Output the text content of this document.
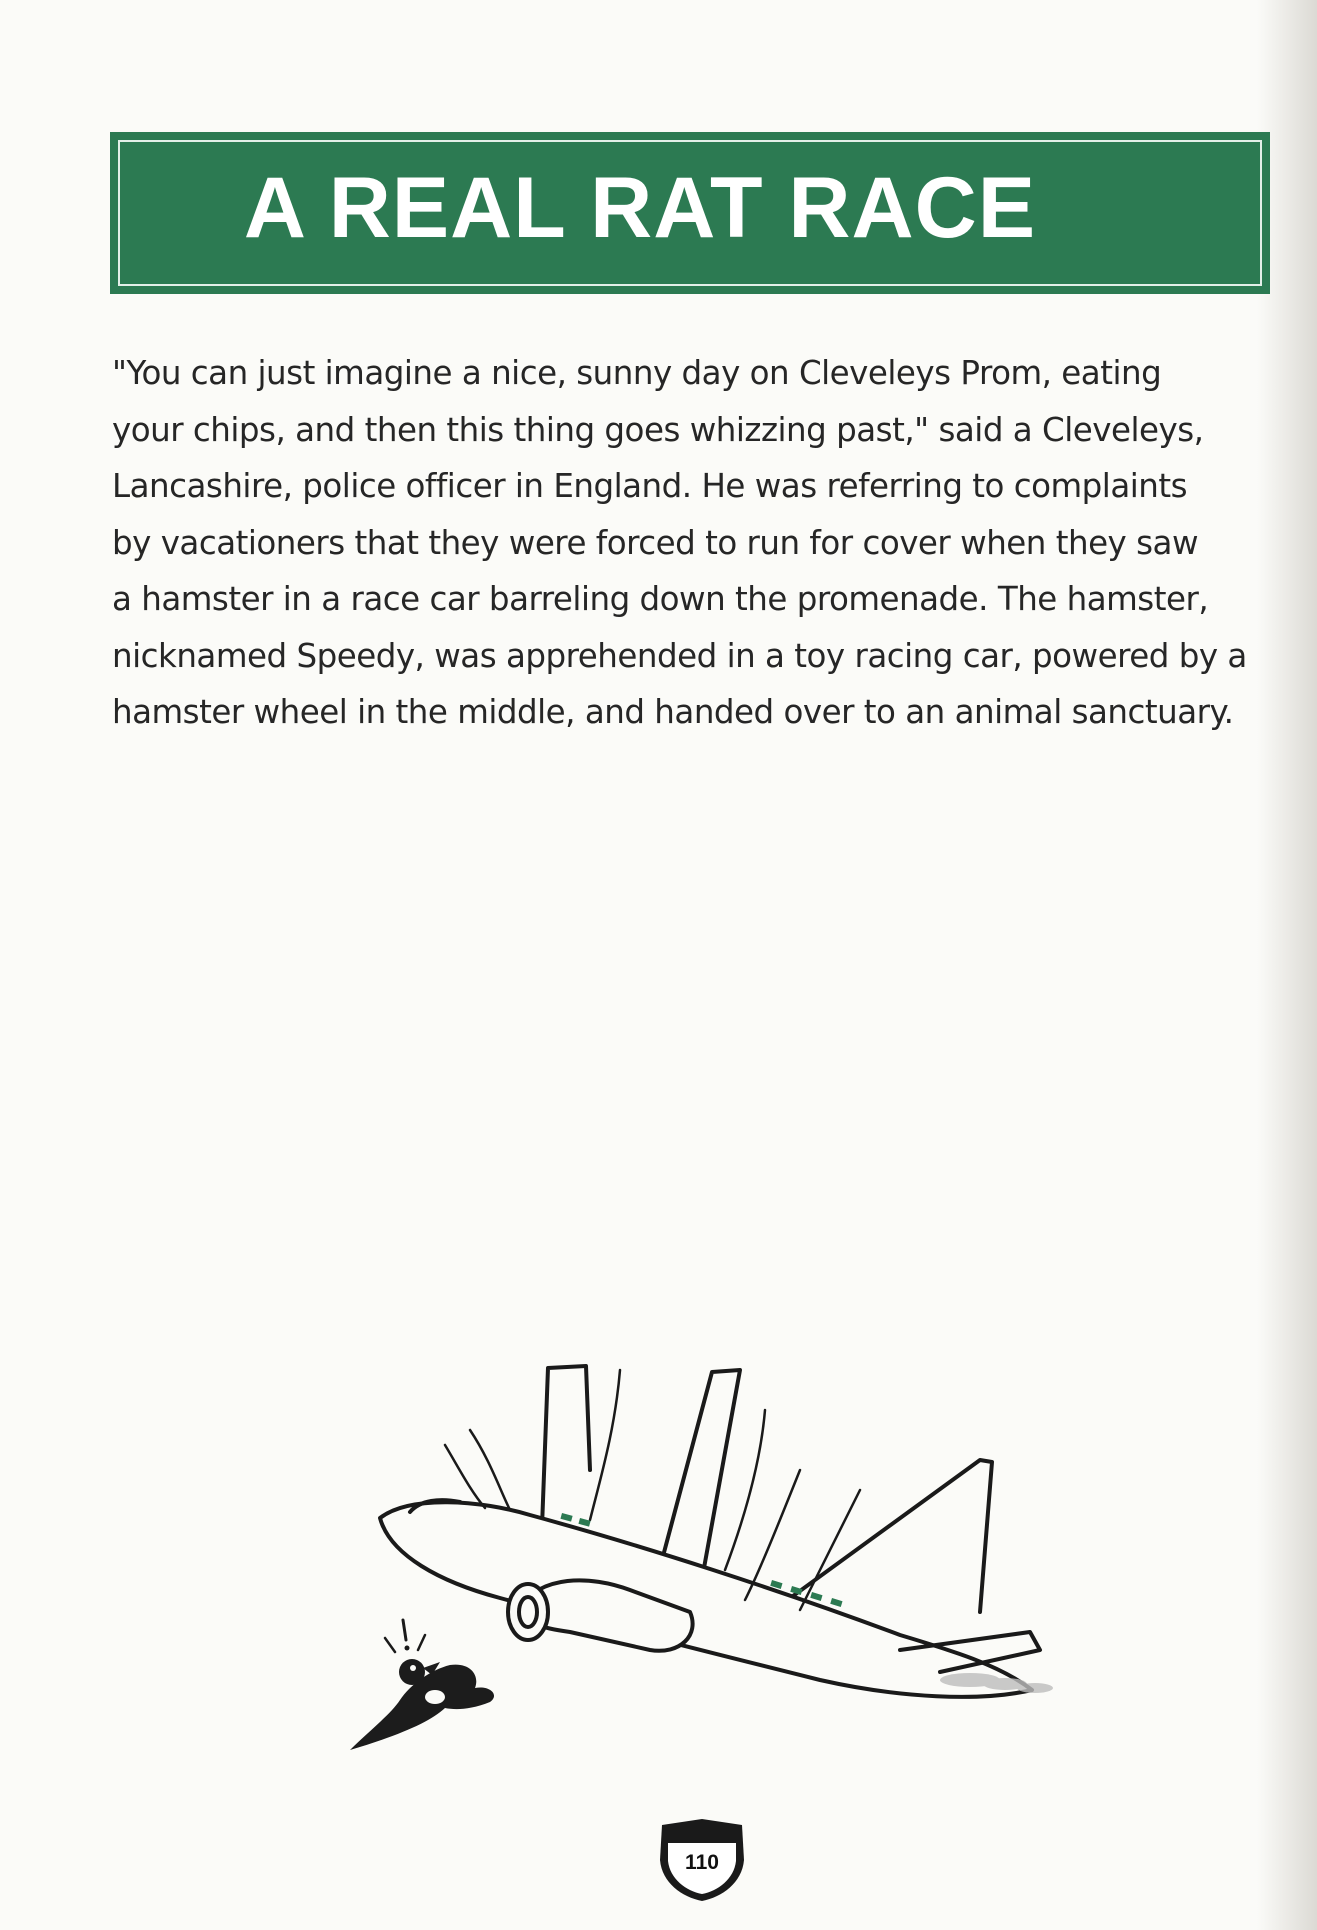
A REAL RAT RACE

"You can just imagine a nice, sunny day on Cleveleys Prom, eating
your chips, and then this thing goes whizzing past," said a Cleveleys,
Lancashire, police officer in England. He was referring to complaints
by vacationers that they were forced to run for cover when they saw
a hamster in a race car barreling down the promenade. The hamster,
nicknamed Speedy, was apprehended in a toy racing car, powered by a
hamster wheel in the middle, and handed over to an animal sanctuary.

110
